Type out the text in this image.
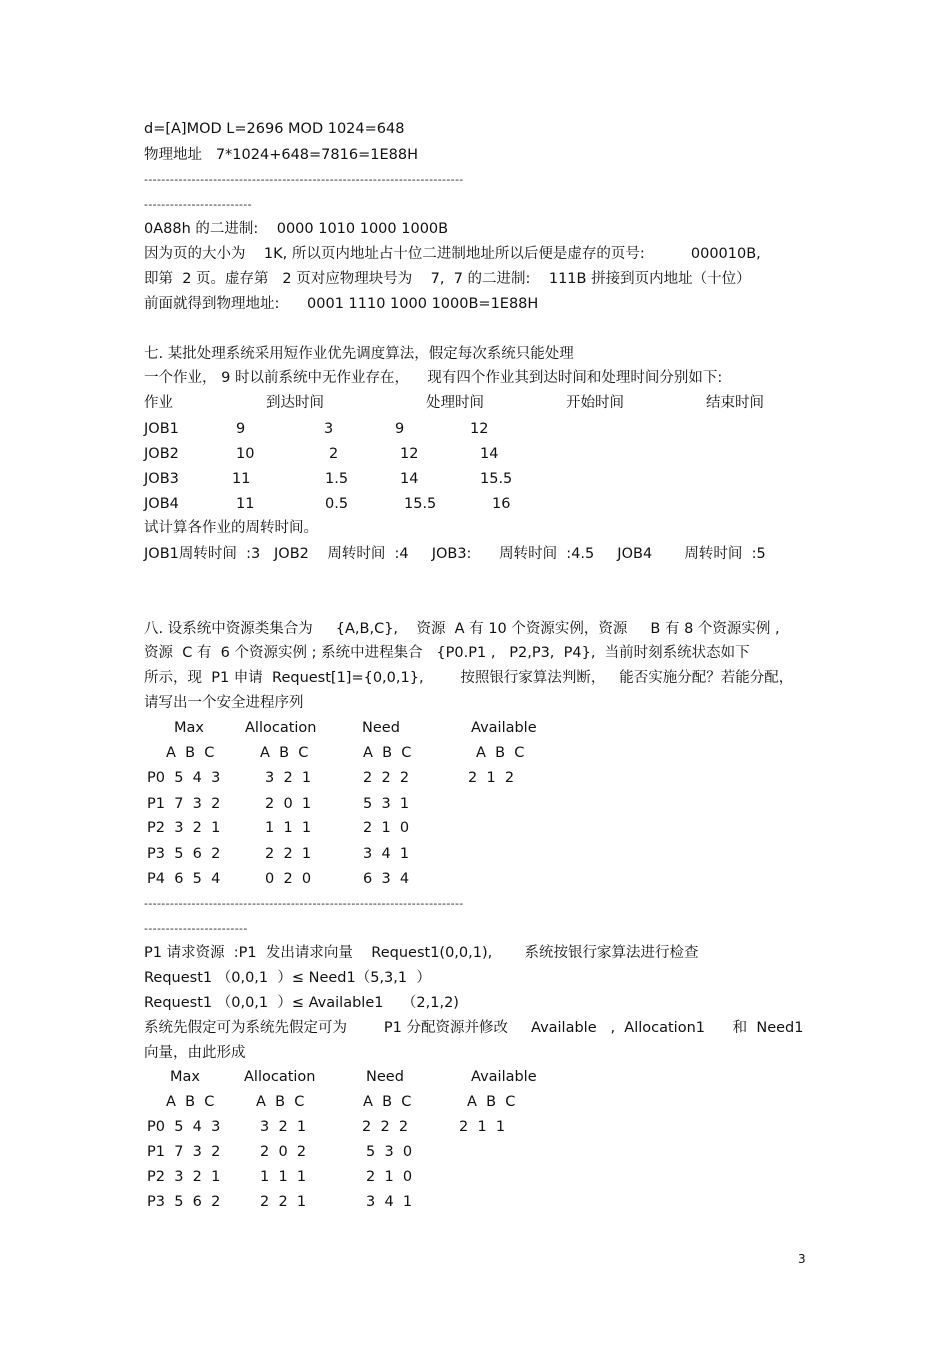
d=[A]MOD L=2696 MOD 1024=648

物理地址   7*1024+648=7816=1E88H

--------------------------------------------------------------------------

-------------------------

0A88h 的二进制:    0000 1010 1000 1000B

因为页的大小为    1K, 所以页内地址占十位二进制地址所以后便是虚存的页号:          000010B,

即第  2 页。虚存第   2 页对应物理块号为    7,  7 的二进制:    111B 拼接到页内地址（十位）

前面就得到物理地址:      0001 1110 1000 1000B=1E88H

七. 某批处理系统采用短作业优先调度算法，假定每次系统只能处理

一个作业， 9 时以前系统中无作业存在，    现有四个作业其到达时间和处理时间分别如下:

作业	到达时间	处理时间	开始时间	结束时间
JOB1	9	3	9	12
JOB2	10	2	12	14
JOB3	11	1.5	14	15.5
JOB4	11	0.5	15.5	16

试计算各作业的周转时间。

JOB1周转时间  :3   JOB2    周转时间  :4     JOB3:      周转时间  :4.5     JOB4       周转时间  :5

八. 设系统中资源类集合为     {A,B,C},    资源  A 有 10 个资源实例，资源     B 有 8 个资源实例 ,

资源  C 有  6 个资源实例 ; 系统中进程集合   {P0.P1 ,   P2,P3,  P4},  当前时刻系统状态如下

所示，现  P1 申请  Request[1]={0,0,1},        按照银行家算法判断，   能否实施分配？若能分配，

请写出一个安全进程序列

Max	Allocation	Need	Available
A  B  C	A  B  C	A  B  C	A  B  C
P0  5  4  3	3  2  1	2  2  2	2  1  2
P1  7  3  2	2  0  1	5  3  1
P2  3  2  1	1  1  1	2  1  0
P3  5  6  2	2  2  1	3  4  1
P4  6  5  4	0  2  0	6  3  4

--------------------------------------------------------------------------

------------------------

P1 请求资源  :P1  发出请求向量    Request1(0,0,1),       系统按银行家算法进行检查

Request1 （0,0,1  ）≤ Need1（5,3,1  ）

Request1 （0,0,1  ）≤ Available1    （2,1,2)

系统先假定可为系统先假定可为        P1 分配资源并修改     Available   ,  Allocation1      和  Need1

向量，由此形成

Max	Allocation	Need	Available
A  B  C	A  B  C	A  B  C	A  B  C
P0  5  4  3	3  2  1	2  2  2	2  1  1
P1  7  3  2	2  0  2	5  3  0
P2  3  2  1	1  1  1	2  1  0
P3  5  6  2	2  2  1	3  4  1
3
